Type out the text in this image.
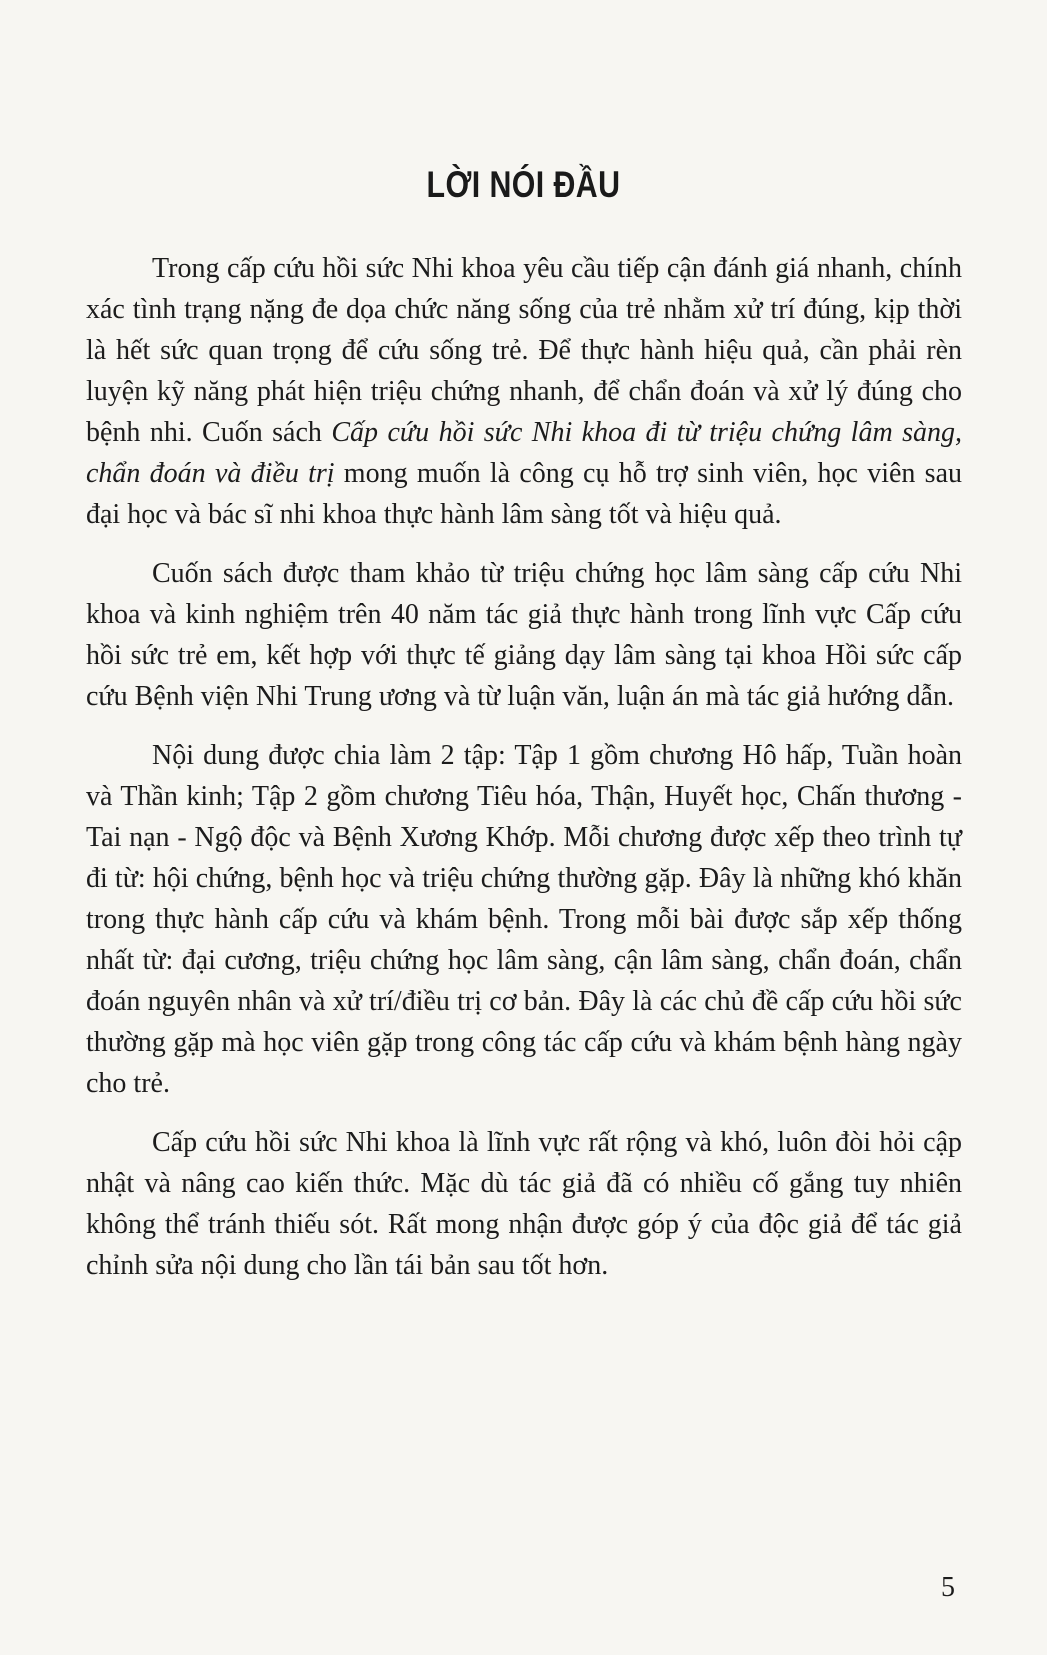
LỜI NÓI ĐẦU

Trong cấp cứu hồi sức Nhi khoa yêu cầu tiếp cận đánh giá nhanh, chính xác tình trạng nặng đe dọa chức năng sống của trẻ nhằm xử trí đúng, kịp thời là hết sức quan trọng để cứu sống trẻ. Để thực hành hiệu quả, cần phải rèn luyện kỹ năng phát hiện triệu chứng nhanh, để chẩn đoán và xử lý đúng cho bệnh nhi. Cuốn sách Cấp cứu hồi sức Nhi khoa đi từ triệu chứng lâm sàng, chẩn đoán và điều trị mong muốn là công cụ hỗ trợ sinh viên, học viên sau đại học và bác sĩ nhi khoa thực hành lâm sàng tốt và hiệu quả.

Cuốn sách được tham khảo từ triệu chứng học lâm sàng cấp cứu Nhi khoa và kinh nghiệm trên 40 năm tác giả thực hành trong lĩnh vực Cấp cứu hồi sức trẻ em, kết hợp với thực tế giảng dạy lâm sàng tại khoa Hồi sức cấp cứu Bệnh viện Nhi Trung ương và từ luận văn, luận án mà tác giả hướng dẫn.

Nội dung được chia làm 2 tập: Tập 1 gồm chương Hô hấp, Tuần hoàn và Thần kinh; Tập 2 gồm chương Tiêu hóa, Thận, Huyết học, Chấn thương - Tai nạn - Ngộ độc và Bệnh Xương Khớp. Mỗi chương được xếp theo trình tự đi từ: hội chứng, bệnh học và triệu chứng thường gặp. Đây là những khó khăn trong thực hành cấp cứu và khám bệnh. Trong mỗi bài được sắp xếp thống nhất từ: đại cương, triệu chứng học lâm sàng, cận lâm sàng, chẩn đoán, chẩn đoán nguyên nhân và xử trí/điều trị cơ bản. Đây là các chủ đề cấp cứu hồi sức thường gặp mà học viên gặp trong công tác cấp cứu và khám bệnh hàng ngày cho trẻ.

Cấp cứu hồi sức Nhi khoa là lĩnh vực rất rộng và khó, luôn đòi hỏi cập nhật và nâng cao kiến thức. Mặc dù tác giả đã có nhiều cố gắng tuy nhiên không thể tránh thiếu sót. Rất mong nhận được góp ý của độc giả để tác giả chỉnh sửa nội dung cho lần tái bản sau tốt hơn.

5
